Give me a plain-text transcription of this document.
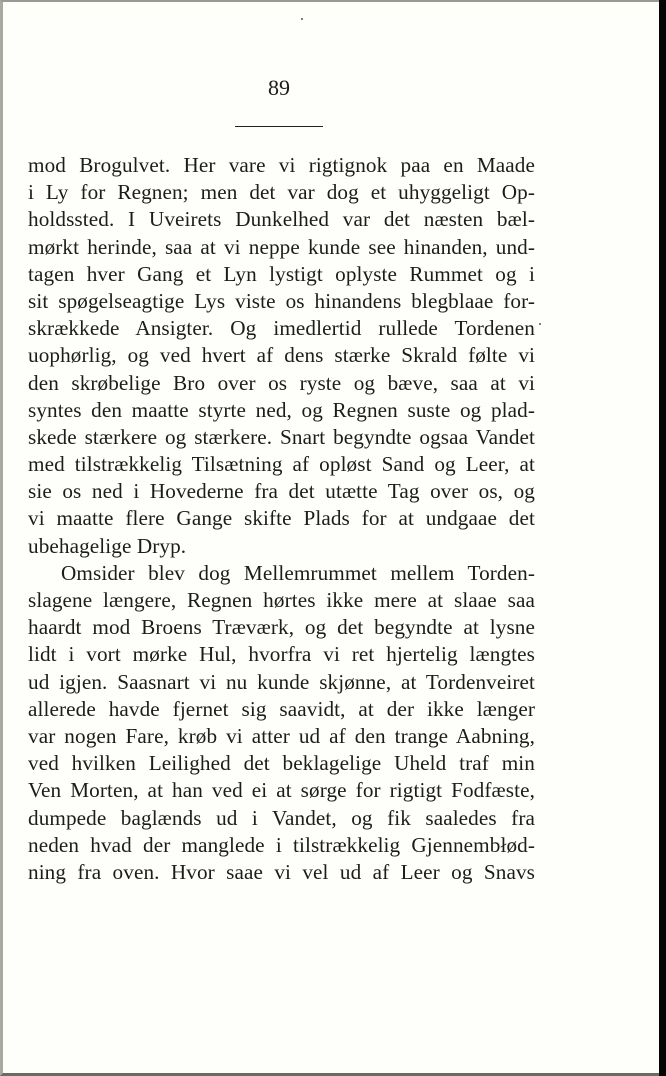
89
mod Brogulvet. Her vare vi rigtignok paa en Maade
i Ly for Regnen; men det var dog et uhyggeligt Op-
holdssted. I Uveirets Dunkelhed var det næsten bæl-
mørkt herinde, saa at vi neppe kunde see hinanden, und-
tagen hver Gang et Lyn lystigt oplyste Rummet og i
sit spøgelseagtige Lys viste os hinandens blegblaae for-
skrækkede Ansigter. Og imedlertid rullede Tordenen
uophørlig, og ved hvert af dens stærke Skrald følte vi
den skrøbelige Bro over os ryste og bæve, saa at vi
syntes den maatte styrte ned, og Regnen suste og plad-
skede stærkere og stærkere. Snart begyndte ogsaa Vandet
med tilstrækkelig Tilsætning af opløst Sand og Leer, at
sie os ned i Hovederne fra det utætte Tag over os, og
vi maatte flere Gange skifte Plads for at undgaae det
ubehagelige Dryp.
Omsider blev dog Mellemrummet mellem Torden-
slagene længere, Regnen hørtes ikke mere at slaae saa
haardt mod Broens Træværk, og det begyndte at lysne
lidt i vort mørke Hul, hvorfra vi ret hjertelig længtes
ud igjen. Saasnart vi nu kunde skjønne, at Tordenveiret
allerede havde fjernet sig saavidt, at der ikke længer
var nogen Fare, krøb vi atter ud af den trange Aabning,
ved hvilken Leilighed det beklagelige Uheld traf min
Ven Morten, at han ved ei at sørge for rigtigt Fodfæste,
dumpede baglænds ud i Vandet, og fik saaledes fra
neden hvad der manglede i tilstrækkelig Gjennembłød-
ning fra oven. Hvor saae vi vel ud af Leer og Snavs
